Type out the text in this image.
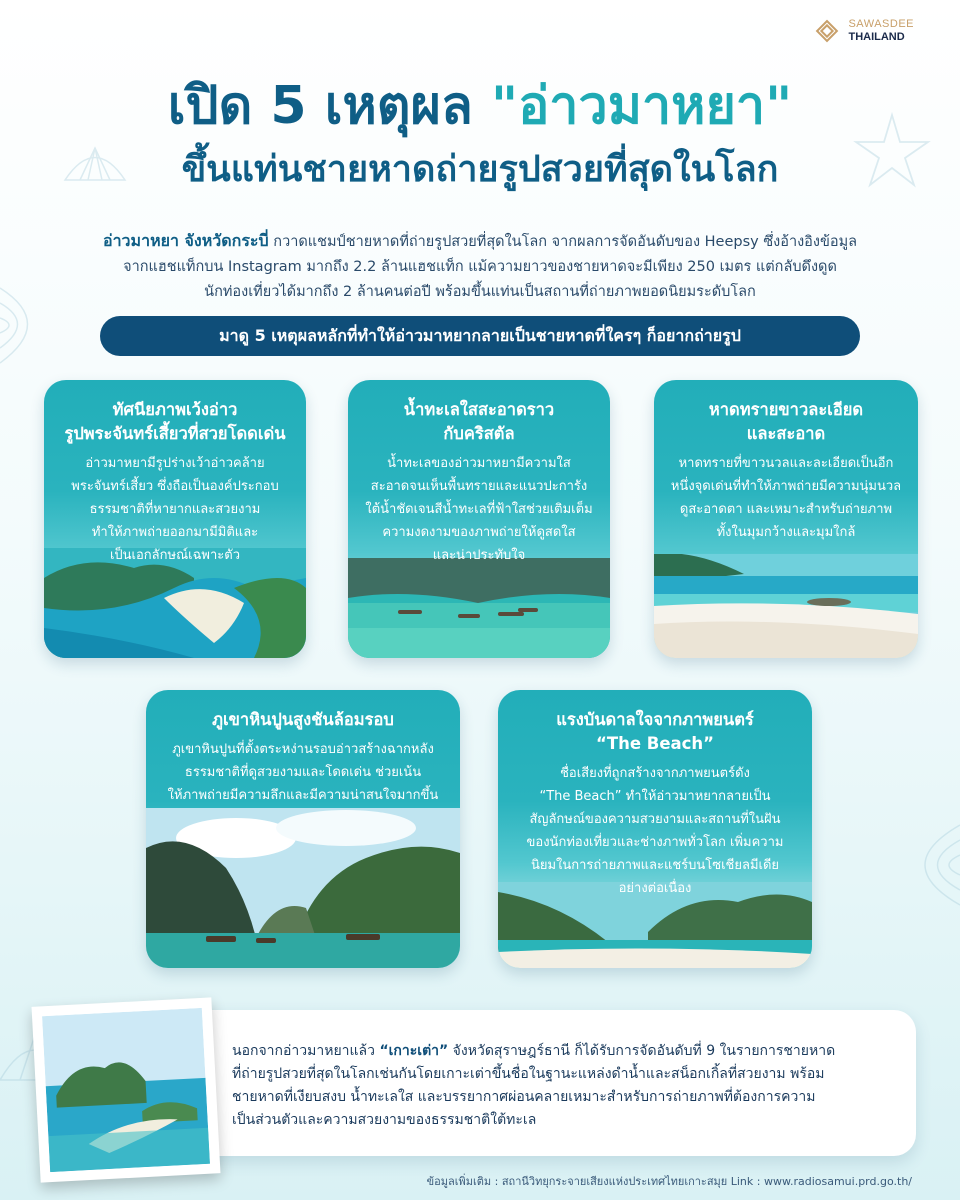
SAWASDEE
THAILAND
เปิด 5 เหตุผล "อ่าวมาหยา"
ขึ้นแท่นชายหาดถ่ายรูปสวยที่สุดในโลก
อ่าวมาหยา จังหวัดกระบี่ กวาดแชมป์ชายหาดที่ถ่ายรูปสวยที่สุดในโลก จากผลการจัดอันดับของ Heepsy ซึ่งอ้างอิงข้อมูล
จากแฮชแท็กบน Instagram มากถึง 2.2 ล้านแฮชแท็ก แม้ความยาวของชายหาดจะมีเพียง 250 เมตร แต่กลับดึงดูด
นักท่องเที่ยวได้มากถึง 2 ล้านคนต่อปี พร้อมขึ้นแท่นเป็นสถานที่ถ่ายภาพยอดนิยมระดับโลก
มาดู 5 เหตุผลหลักที่ทำให้อ่าวมาหยากลายเป็นชายหาดที่ใครๆ ก็อยากถ่ายรูป
ทัศนียภาพเว้งอ่าว
รูปพระจันทร์เสี้ยวที่สวยโดดเด่น
อ่าวมาหยามีรูปร่างเว้าอ่าวคล้าย
พระจันทร์เสี้ยว ซึ่งถือเป็นองค์ประกอบ
ธรรมชาติที่หายากและสวยงาม
ทำให้ภาพถ่ายออกมามีมิติและ
เป็นเอกลักษณ์เฉพาะตัว
น้ำทะเลใสสะอาดราว
กับคริสตัล
น้ำทะเลของอ่าวมาหยามีความใส
สะอาดจนเห็นพื้นทรายและแนวปะการัง
ใต้น้ำชัดเจนสีน้ำทะเลที่ฟ้าใสช่วยเติมเต็ม
ความงดงามของภาพถ่ายให้ดูสดใส
และน่าประทับใจ
หาดทรายขาวละเอียด
และสะอาด
หาดทรายที่ขาวนวลและละเอียดเป็นอีก
หนึ่งจุดเด่นที่ทำให้ภาพถ่ายมีความนุ่มนวล
ดูสะอาดตา และเหมาะสำหรับถ่ายภาพ
ทั้งในมุมกว้างและมุมใกล้
ภูเขาหินปูนสูงชันล้อมรอบ
ภูเขาหินปูนที่ตั้งตระหง่านรอบอ่าวสร้างฉากหลัง
ธรรมชาติที่ดูสวยงามและโดดเด่น ช่วยเน้น
ให้ภาพถ่ายมีความลึกและมีความน่าสนใจมากขึ้น
แรงบันดาลใจจากภาพยนตร์
“The Beach”
ชื่อเสียงที่ถูกสร้างจากภาพยนตร์ดัง
“The Beach” ทำให้อ่าวมาหยากลายเป็น
สัญลักษณ์ของความสวยงามและสถานที่ในฝัน
ของนักท่องเที่ยวและช่างภาพทั่วโลก เพิ่มความ
นิยมในการถ่ายภาพและแชร์บนโซเชียลมีเดีย
อย่างต่อเนื่อง
นอกจากอ่าวมาหยาแล้ว “เกาะเต่า” จังหวัดสุราษฎร์ธานี ก็ได้รับการจัดอันดับที่ 9 ในรายการชายหาด
ที่ถ่ายรูปสวยที่สุดในโลกเช่นกันโดยเกาะเต่าขึ้นชื่อในฐานะแหล่งดำน้ำและสน็อกเกิ้ลที่สวยงาม พร้อม
ชายหาดที่เงียบสงบ น้ำทะเลใส และบรรยากาศผ่อนคลายเหมาะสำหรับการถ่ายภาพที่ต้องการความ
เป็นส่วนตัวและความสวยงามของธรรมชาติใต้ทะเล
ข้อมูลเพิ่มเติม : สถานีวิทยุกระจายเสียงแห่งประเทศไทยเกาะสมุย Link : www.radiosamui.prd.go.th/
